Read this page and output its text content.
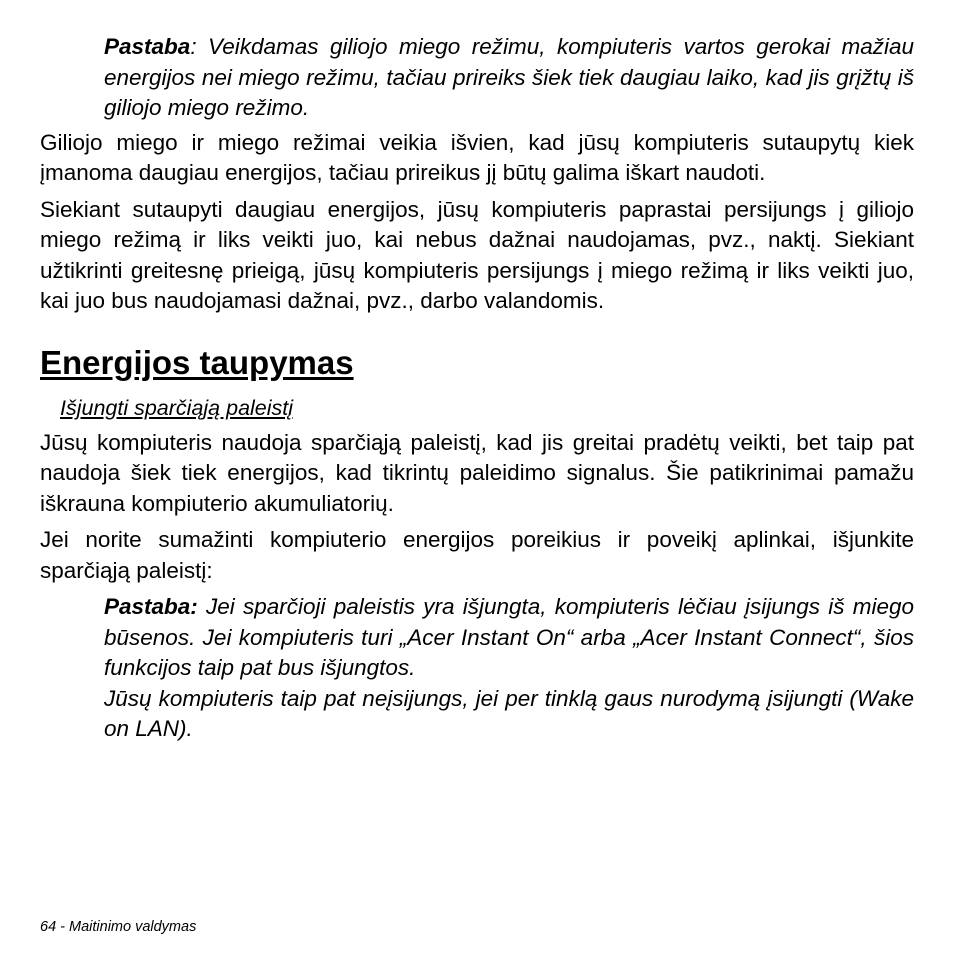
Pastaba: Veikdamas giliojo miego režimu, kompiuteris vartos gerokai mažiau energijos nei miego režimu, tačiau prireiks šiek tiek daugiau laiko, kad jis grįžtų iš giliojo miego režimo.

Giliojo miego ir miego režimai veikia išvien, kad jūsų kompiuteris sutaupytų kiek įmanoma daugiau energijos, tačiau prireikus jį būtų galima iškart naudoti.

Siekiant sutaupyti daugiau energijos, jūsų kompiuteris paprastai persijungs į giliojo miego režimą ir liks veikti juo, kai nebus dažnai naudojamas, pvz., naktį. Siekiant užtikrinti greitesnę prieigą, jūsų kompiuteris persijungs į miego režimą ir liks veikti juo, kai juo bus naudojamasi dažnai, pvz., darbo valandomis.

Energijos taupymas

Išjungti sparčiąją paleistį

Jūsų kompiuteris naudoja sparčiąją paleistį, kad jis greitai pradėtų veikti, bet taip pat naudoja šiek tiek energijos, kad tikrintų paleidimo signalus. Šie patikrinimai pamažu iškrauna kompiuterio akumuliatorių.

Jei norite sumažinti kompiuterio energijos poreikius ir poveikį aplinkai, išjunkite sparčiąją paleistį:

Pastaba: Jei sparčioji paleistis yra išjungta, kompiuteris lėčiau įsijungs iš miego būsenos. Jei kompiuteris turi „Acer Instant On“ arba „Acer Instant Connect“, šios funkcijos taip pat bus išjungtos.

Jūsų kompiuteris taip pat neįsijungs, jei per tinklą gaus nurodymą įsijungti (Wake on LAN).

64 - Maitinimo valdymas
